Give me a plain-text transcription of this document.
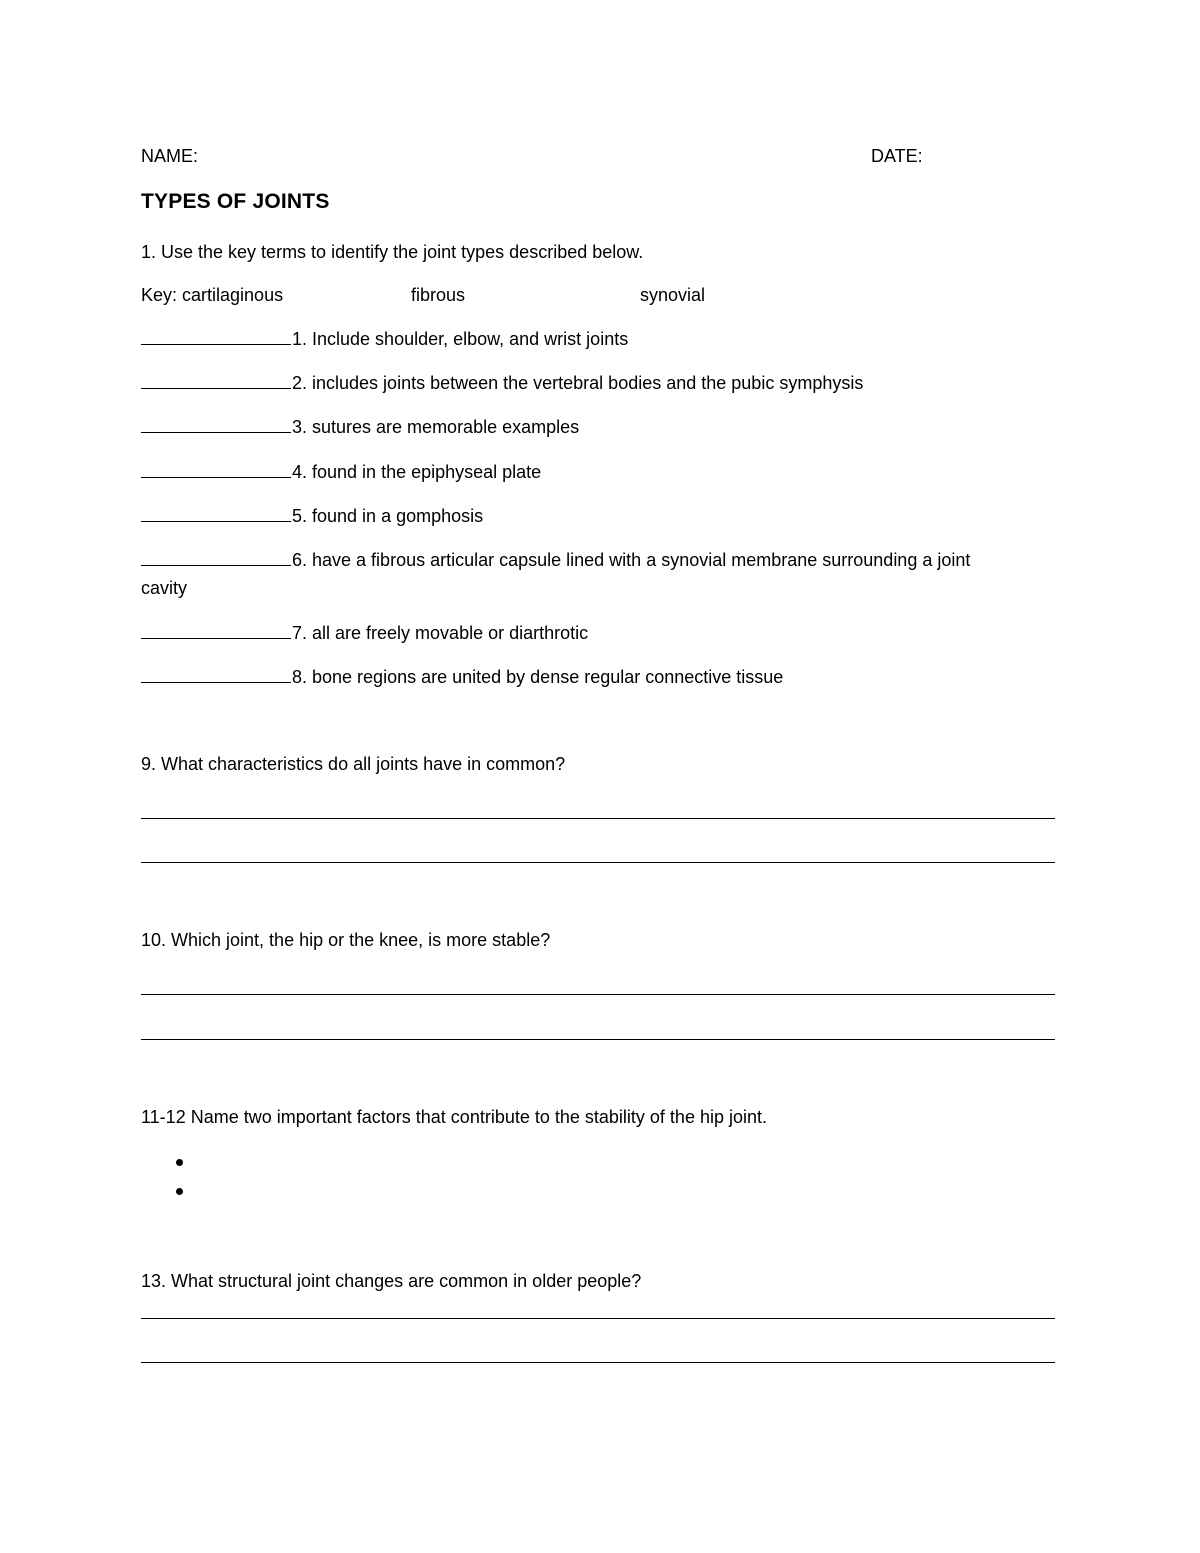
NAME:	DATE:
TYPES OF JOINTS
1. Use the key terms to identify the joint types described below.
Key: cartilaginous	fibrous	synovial
1. Include shoulder, elbow, and wrist joints
2. includes joints between the vertebral bodies and the pubic symphysis
3. sutures are memorable examples
4. found in the epiphyseal plate
5. found in a gomphosis
6. have a fibrous articular capsule lined with a synovial membrane surrounding a joint
cavity
7. all are freely movable or diarthrotic
8. bone regions are united by dense regular connective tissue
9. What characteristics do all joints have in common?
10. Which joint, the hip or the knee, is more stable?
11-12 Name two important factors that contribute to the stability of the hip joint.
13. What structural joint changes are common in older people?
